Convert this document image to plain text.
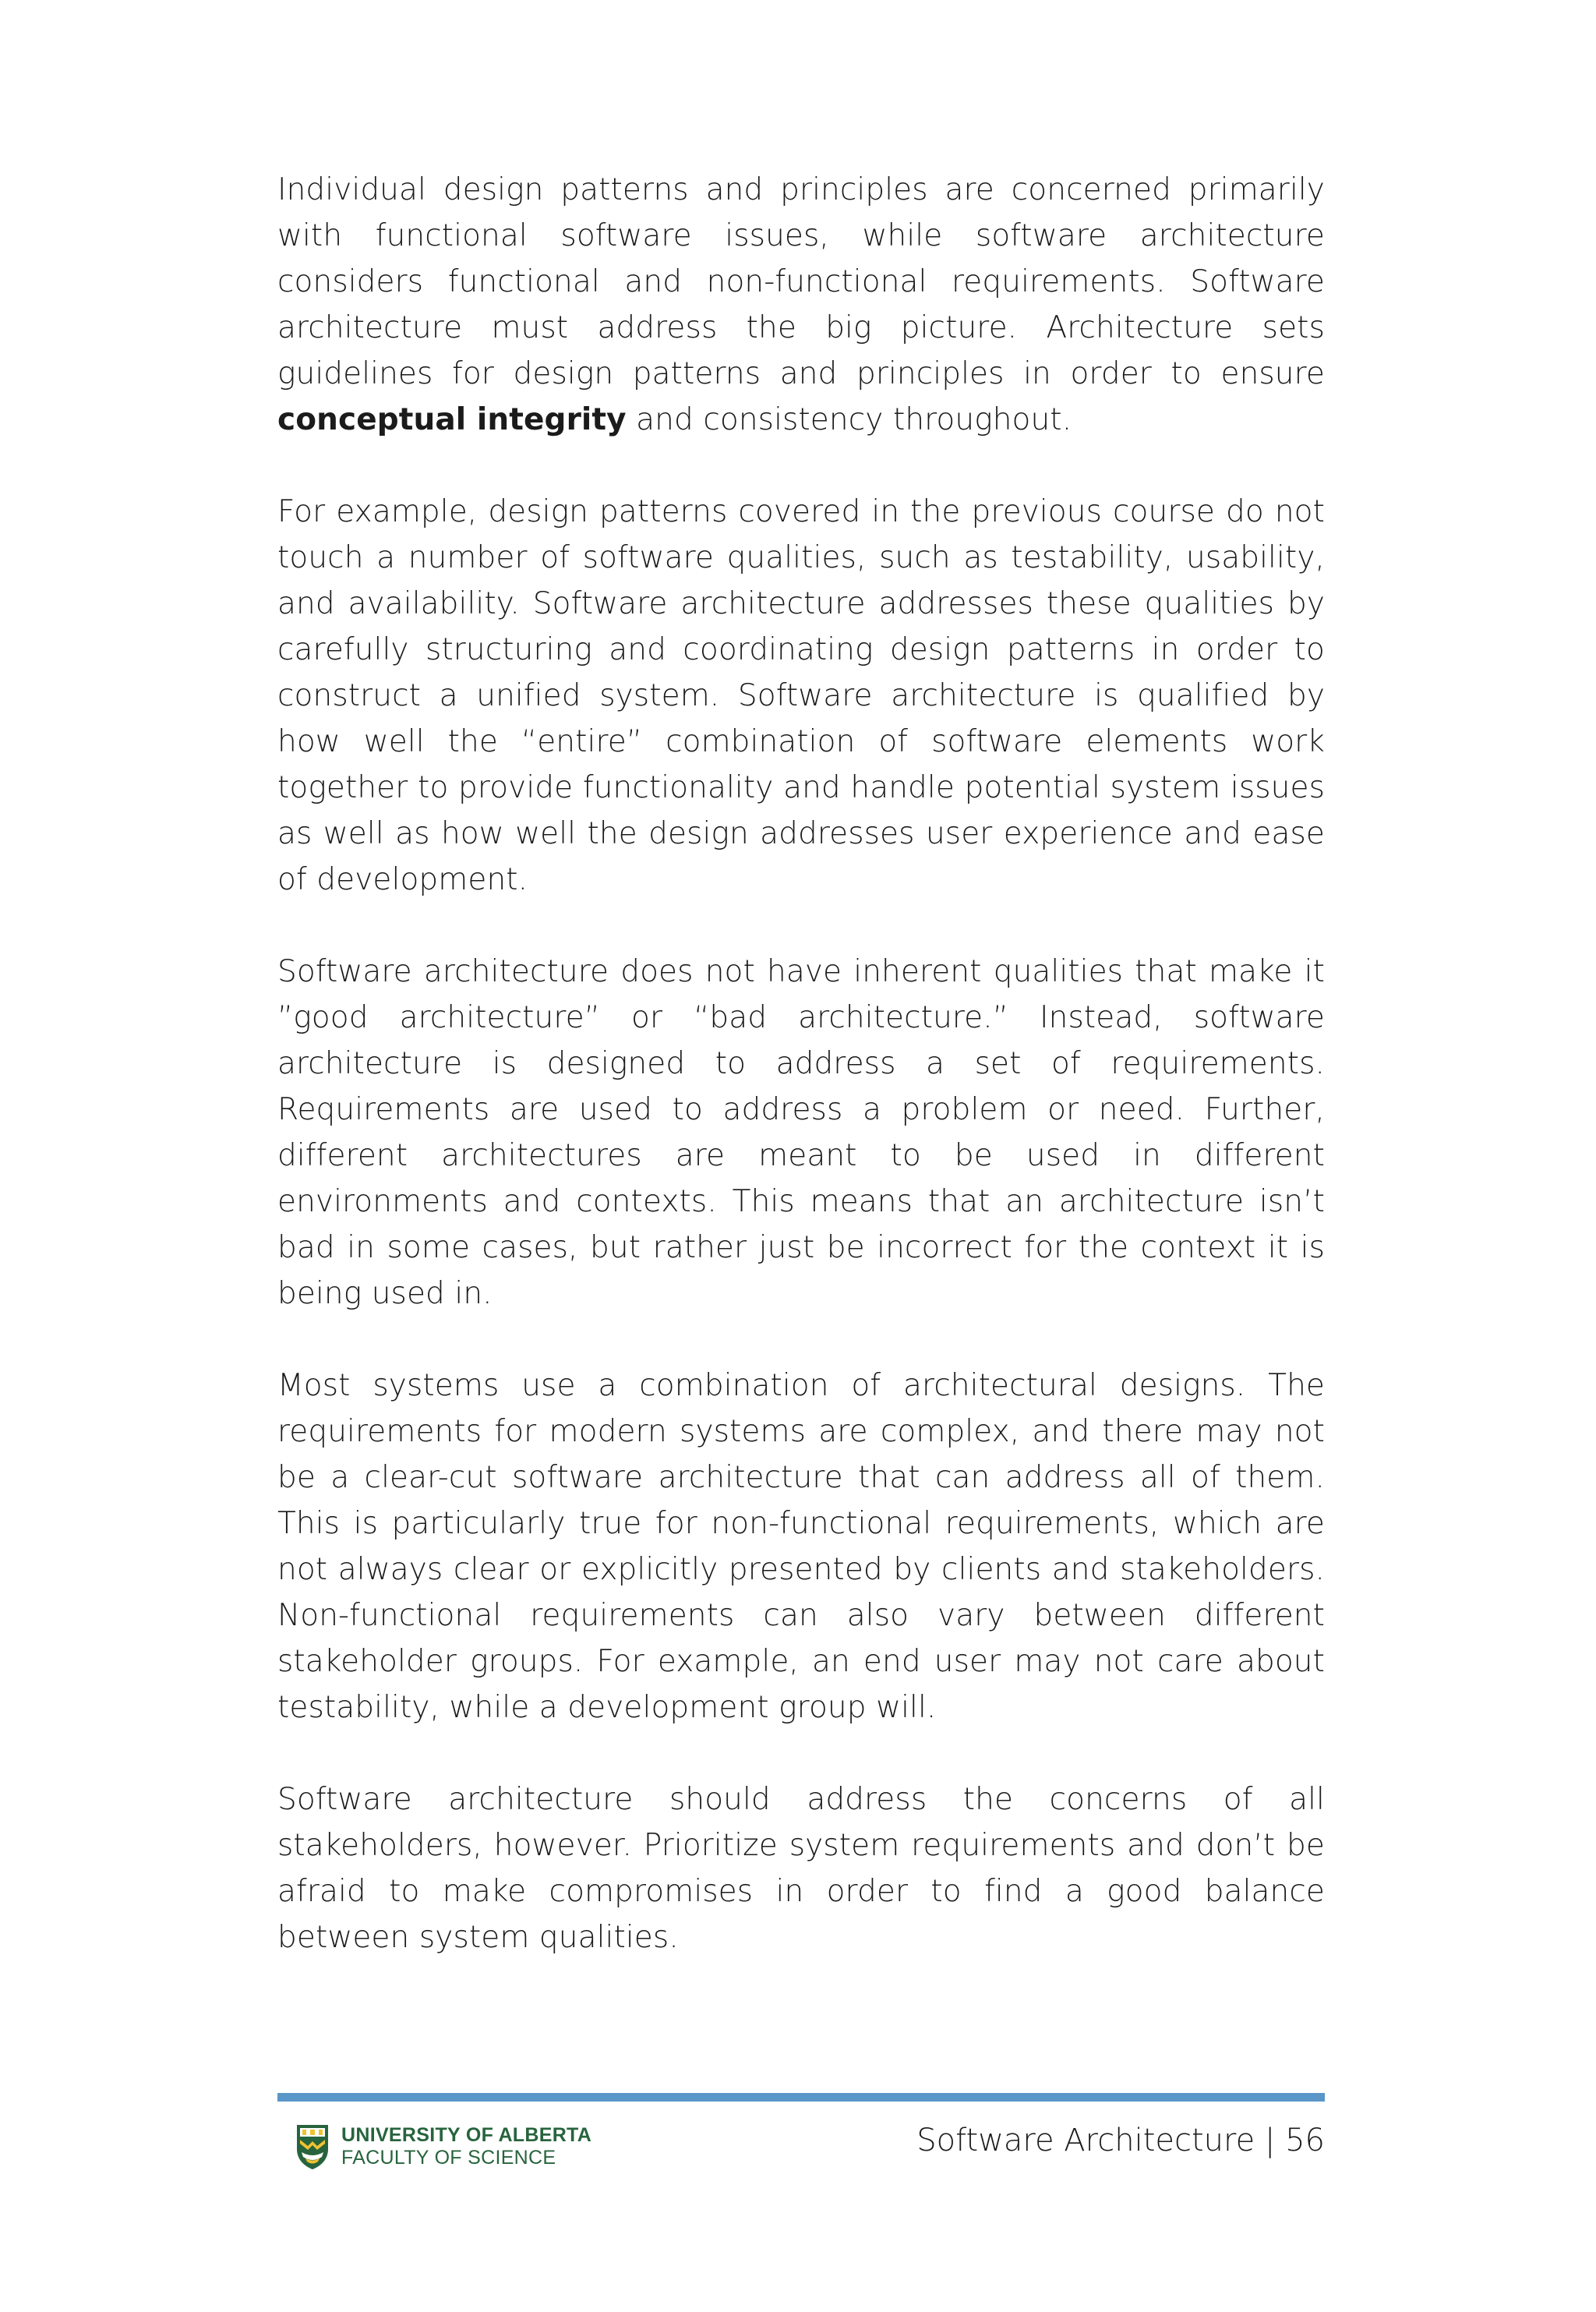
Individual design patterns and principles are concerned primarily with functional software issues, while software architecture considers functional and non-functional requirements. Software architecture must address the big picture. Architecture sets guidelines for design patterns and principles in order to ensure conceptual integrity and consistency throughout.

For example, design patterns covered in the previous course do not touch a number of software qualities, such as testability, usability, and availability. Software architecture addresses these qualities by carefully structuring and coordinating design patterns in order to construct a unified system. Software architecture is qualified by how well the “entire” combination of software elements work together to provide functionality and handle potential system issues as well as how well the design addresses user experience and ease of development.

Software architecture does not have inherent qualities that make it ”good architecture” or “bad architecture.” Instead, software architecture is designed to address a set of requirements. Requirements are used to address a problem or need. Further, different architectures are meant to be used in different environments and contexts. This means that an architecture isn’t bad in some cases, but rather just be incorrect for the context it is being used in.

Most systems use a combination of architectural designs. The requirements for modern systems are complex, and there may not be a clear-cut software architecture that can address all of them. This is particularly true for non-functional requirements, which are not always clear or explicitly presented by clients and stakeholders. Non-functional requirements can also vary between different stakeholder groups. For example, an end user may not care about testability, while a development group will.

Software architecture should address the concerns of all stakeholders, however. Prioritize system requirements and don’t be afraid to make compromises in order to find a good balance between system qualities.

UNIVERSITY OF ALBERTA
FACULTY OF SCIENCE	Software Architecture | 56
